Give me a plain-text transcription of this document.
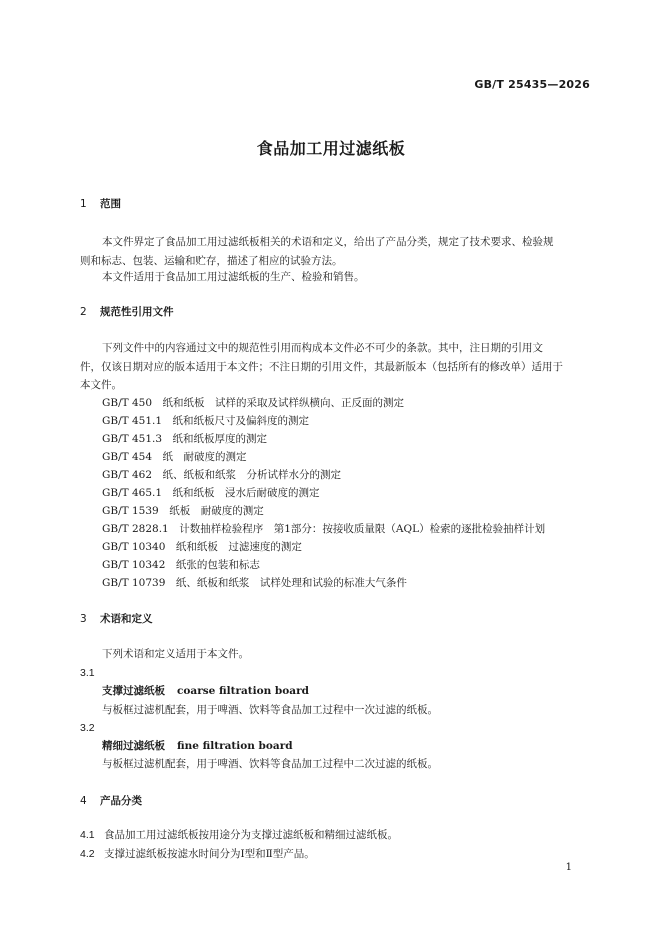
GB/T 25435—2026
食品加工用过滤纸板
1 范围
本文件界定了食品加工用过滤纸板相关的术语和定义，给出了产品分类，规定了技术要求、检验规
则和标志、包装、运输和贮存，描述了相应的试验方法。
本文件适用于食品加工用过滤纸板的生产、检验和销售。
2 规范性引用文件
下列文件中的内容通过文中的规范性引用而构成本文件必不可少的条款。其中，注日期的引用文
件，仅该日期对应的版本适用于本文件；不注日期的引用文件，其最新版本（包括所有的修改单）适用于
本文件。
GB/T 450　纸和纸板　试样的采取及试样纵横向、正反面的测定
GB/T 451.1　纸和纸板尺寸及偏斜度的测定
GB/T 451.3　纸和纸板厚度的测定
GB/T 454　纸　耐破度的测定
GB/T 462　纸、纸板和纸浆　分析试样水分的测定
GB/T 465.1　纸和纸板　浸水后耐破度的测定
GB/T 1539　纸板　耐破度的测定
GB/T 2828.1　计数抽样检验程序　第1部分：按接收质量限（AQL）检索的逐批检验抽样计划
GB/T 10340　纸和纸板　过滤速度的测定
GB/T 10342　纸张的包装和标志
GB/T 10739　纸、纸板和纸浆　试样处理和试验的标准大气条件
3 术语和定义
下列术语和定义适用于本文件。
3.1
支撑过滤纸板 coarse filtration board
与板框过滤机配套，用于啤酒、饮料等食品加工过程中一次过滤的纸板。
3.2
精细过滤纸板 fine filtration board
与板框过滤机配套，用于啤酒、饮料等食品加工过程中二次过滤的纸板。
4 产品分类
4.1 食品加工用过滤纸板按用途分为支撑过滤纸板和精细过滤纸板。
4.2 支撑过滤纸板按滤水时间分为Ⅰ型和Ⅱ型产品。
1
